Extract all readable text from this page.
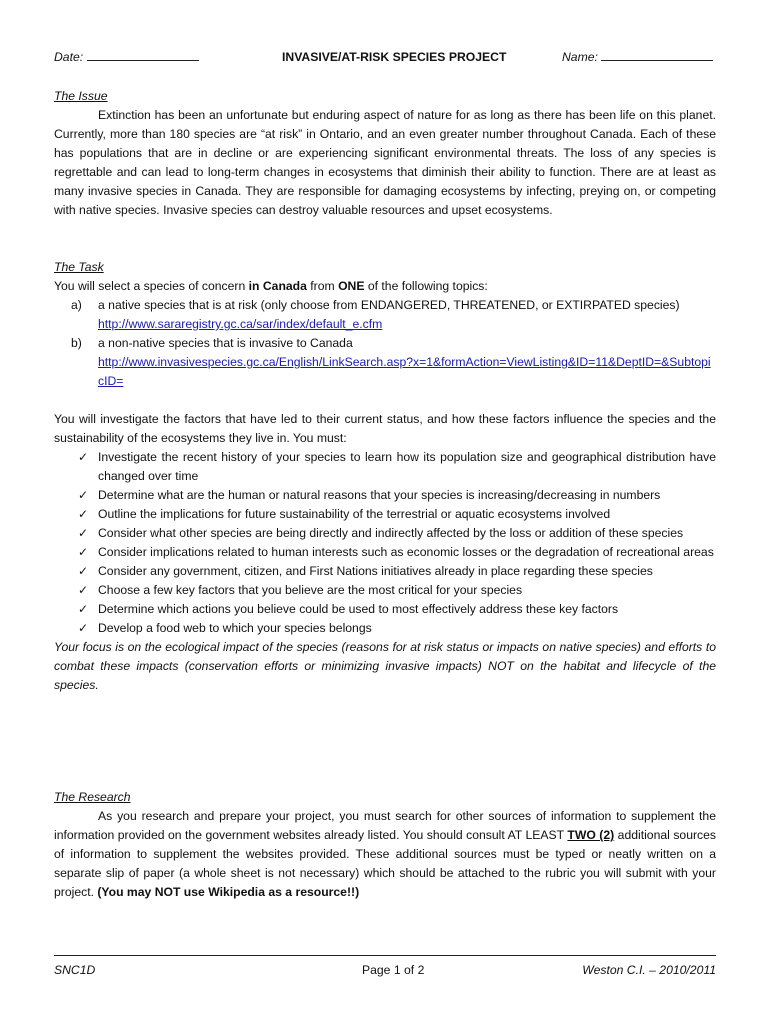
Date:	INVASIVE/AT-RISK SPECIES PROJECT	Name:
The Issue
Extinction has been an unfortunate but enduring aspect of nature for as long as there has been life on this planet. Currently, more than 180 species are “at risk” in Ontario, and an even greater number throughout Canada. Each of these has populations that are in decline or are experiencing significant environmental threats. The loss of any species is regrettable and can lead to long-term changes in ecosystems that diminish their ability to function. There are at least as many invasive species in Canada. They are responsible for damaging ecosystems by infecting, preying on, or competing with native species. Invasive species can destroy valuable resources and upset ecosystems.
The Task
You will select a species of concern in Canada from ONE of the following topics:
a) a native species that is at risk (only choose from ENDANGERED, THREATENED, or EXTIRPATED species) http://www.sararegistry.gc.ca/sar/index/default_e.cfm
b) a non-native species that is invasive to Canada
http://www.invasivespecies.gc.ca/English/LinkSearch.asp?x=1&formAction=ViewListing&ID=11&DeptID=&SubtopicID=
You will investigate the factors that have led to their current status, and how these factors influence the species and the sustainability of the ecosystems they live in. You must:
✓ Investigate the recent history of your species to learn how its population size and geographical distribution have changed over time
✓ Determine what are the human or natural reasons that your species is increasing/decreasing in numbers
✓ Outline the implications for future sustainability of the terrestrial or aquatic ecosystems involved
✓ Consider what other species are being directly and indirectly affected by the loss or addition of these species
✓ Consider implications related to human interests such as economic losses or the degradation of recreational areas
✓ Consider any government, citizen, and First Nations initiatives already in place regarding these species
✓ Choose a few key factors that you believe are the most critical for your species
✓ Determine which actions you believe could be used to most effectively address these key factors
✓ Develop a food web to which your species belongs
Your focus is on the ecological impact of the species (reasons for at risk status or impacts on native species) and efforts to combat these impacts (conservation efforts or minimizing invasive impacts) NOT on the habitat and lifecycle of the species.
The Research
As you research and prepare your project, you must search for other sources of information to supplement the information provided on the government websites already listed. You should consult AT LEAST TWO (2) additional sources of information to supplement the websites provided. These additional sources must be typed or neatly written on a separate slip of paper (a whole sheet is not necessary) which should be attached to the rubric you will submit with your project. (You may NOT use Wikipedia as a resource!!)
SNC1D	Page 1 of 2	Weston C.I. – 2010/2011
